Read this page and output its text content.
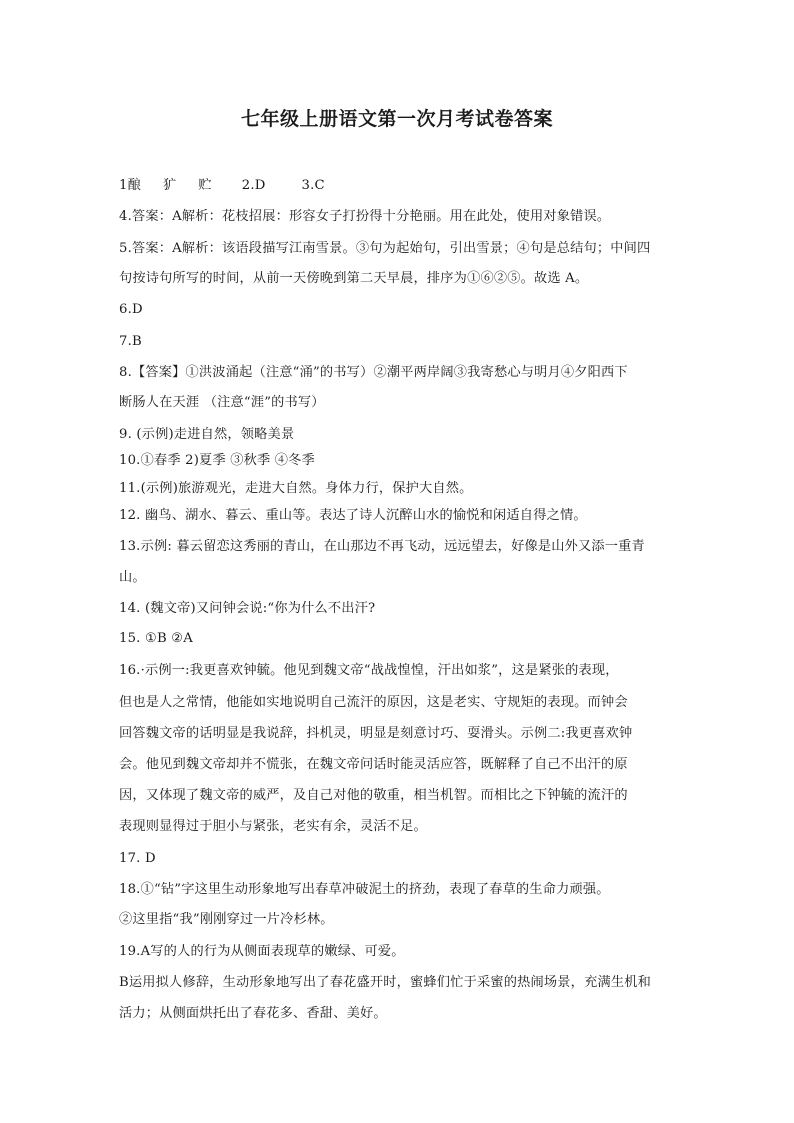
七年级上册语文第一次月考试卷答案
1酿 犷 贮 2.D	3.C
4.答案：A解析：花枝招展：形容女子打扮得十分艳丽。用在此处，使用对象错误。
5.答案：A解析：该语段描写江南雪景。③句为起始句，引出雪景；④句是总结句；中间四
句按诗句所写的时间，从前一天傍晚到第二天早晨，排序为①⑥②⑤。故选 A。
6.D
7.B
8.【答案】①洪波涌起（注意“涌”的书写）②潮平两岸阔③我寄愁心与明月④夕阳西下
断肠人在天涯 （注意“涯”的书写）
9. (示例)走进自然，领略美景
10.①春季 2)夏季 ③秋季 ④冬季
11.(示例)旅游观光，走进大自然。身体力行，保护大自然。
12. 幽鸟、湖水、暮云、重山等。表达了诗人沉醉山水的愉悦和闲适自得之情。
13.示例: 暮云留恋这秀丽的青山，在山那边不再飞动，远远望去，好像是山外又添一重青
山。
14. (魏文帝)又问钟会说:“你为什么不出汗?
15. ①B ②A
16.·示例一:我更喜欢钟毓。他见到魏文帝“战战惶惶，汗出如浆”，这是紧张的表现，
但也是人之常情，他能如实地说明自己流汗的原因，这是老实、守规矩的表现。而钟会
回答魏文帝的话明显是我说辞，抖机灵，明显是刻意讨巧、耍滑头。示例二:我更喜欢钟
会。他见到魏文帝却并不慌张，在魏文帝问话时能灵活应答，既解释了自己不出汗的原
因，又体现了魏文帝的威严，及自己对他的敬重，相当机智。而相比之下钟毓的流汗的
表现则显得过于胆小与紧张，老实有余，灵活不足。
17. D
18.①“钻”字这里生动形象地写出春草冲破泥土的挤劲，表现了春草的生命力顽强。
②这里指“我”刚刚穿过一片冷杉林。
19.A写的人的行为从侧面表现草的嫩绿、可爱。
B运用拟人修辞，生动形象地写出了春花盛开时，蜜蜂们忙于采蜜的热闹场景，充满生机和
活力；从侧面烘托出了春花多、香甜、美好。
